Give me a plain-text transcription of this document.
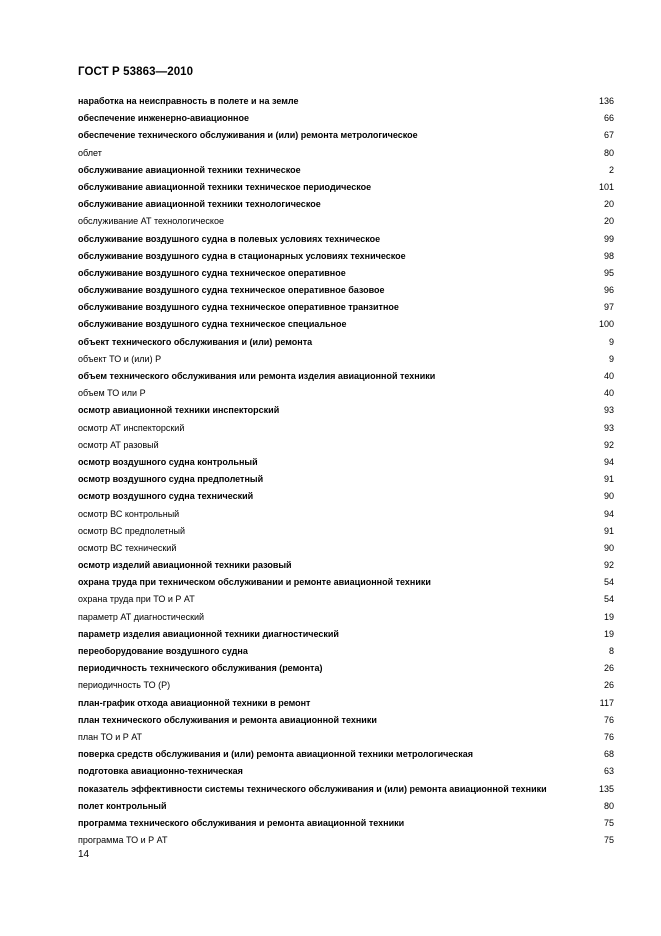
ГОСТ Р 53863—2010
наработка на неисправность в полете и на земле	136
обеспечение инженерно-авиационное	66
обеспечение технического обслуживания и (или) ремонта метрологическое	67
облет	80
обслуживание авиационной техники техническое	2
обслуживание авиационной техники техническое периодическое	101
обслуживание авиационной техники технологическое	20
обслуживание АТ технологическое	20
обслуживание воздушного судна в полевых условиях техническое	99
обслуживание воздушного судна в стационарных условиях техническое	98
обслуживание воздушного судна техническое оперативное	95
обслуживание воздушного судна техническое оперативное базовое	96
обслуживание воздушного судна техническое оперативное транзитное	97
обслуживание воздушного судна техническое специальное	100
объект технического обслуживания и (или) ремонта	9
объект ТО и (или) Р	9
объем технического обслуживания или ремонта изделия авиационной техники	40
объем ТО или Р	40
осмотр авиационной техники инспекторский	93
осмотр АТ инспекторский	93
осмотр АТ разовый	92
осмотр воздушного судна контрольный	94
осмотр воздушного судна предполетный	91
осмотр воздушного судна технический	90
осмотр ВС контрольный	94
осмотр ВС предполетный	91
осмотр ВС технический	90
осмотр изделий авиационной техники разовый	92
охрана труда при техническом обслуживании и ремонте авиационной техники	54
охрана труда при ТО и Р АТ	54
параметр АТ диагностический	19
параметр изделия авиационной техники диагностический	19
переоборудование воздушного судна	8
периодичность технического обслуживания (ремонта)	26
периодичность ТО (Р)	26
план-график отхода авиационной техники в ремонт	117
план технического обслуживания и ремонта авиационной техники	76
план ТО и Р АТ	76
поверка средств обслуживания и (или) ремонта авиационной техники метрологическая	68
подготовка авиационно-техническая	63
показатель эффективности системы технического обслуживания и (или) ремонта авиационной техники	135
полет контрольный	80
программа технического обслуживания и ремонта авиационной техники	75
программа ТО и Р АТ	75
14
